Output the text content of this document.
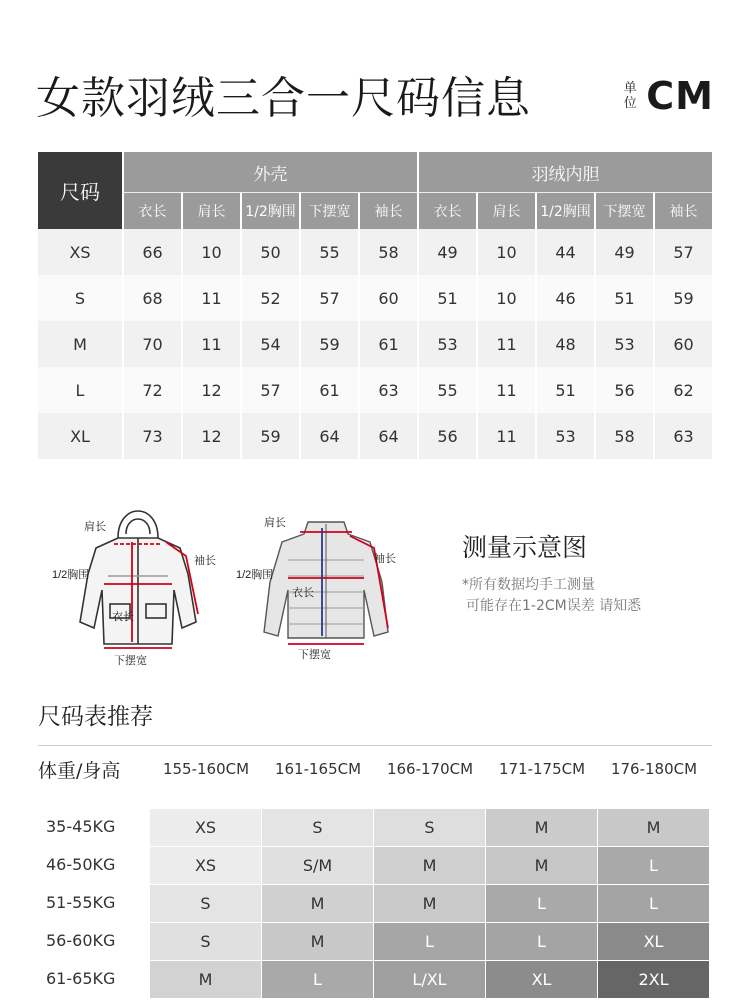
女款羽绒三合一尺码信息	单
位 CM
尺码	外壳					羽绒内胆				
	衣长	肩长	1/2胸围	下摆宽	袖长	衣长	肩长	1/2胸围	下摆宽	袖长
XS	66	10	50	55	58	49	10	44	49	57
S	68	11	52	57	60	51	10	46	51	59
M	70	11	54	59	61	53	11	48	53	60
L	72	12	57	61	63	55	11	51	56	62
XL	73	12	59	64	64	56	11	53	58	63
肩长
1/2胸围
袖长
衣长
下摆宽
肩长
1/2胸围
袖长
衣长
下摆宽
测量示意图
*所有数据均手工测量
可能存在1-2CM误差 请知悉
尺码表推荐
体重/身高	155-160CM	161-165CM	166-170CM	171-175CM	176-180CM
35-45KG	XS	S	S	M	M
46-50KG	XS	S/M	M	M	L
51-55KG	S	M	M	L	L
56-60KG	S	M	L	L	XL
61-65KG	M	L	L/XL	XL	2XL
